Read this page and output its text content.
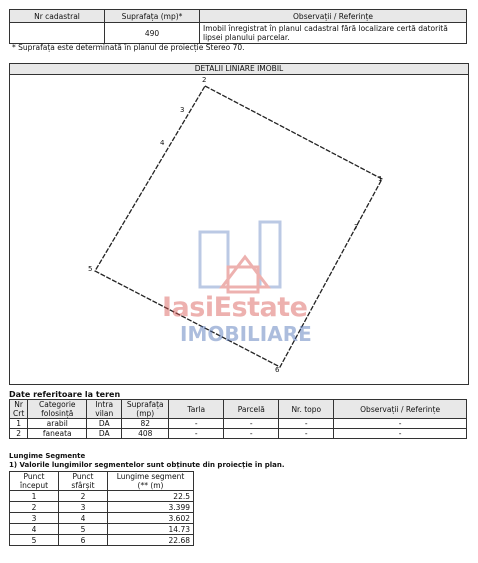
Nr cadastral	Suprafața (mp)*	Observații / Referințe
	490	Imobil înregistrat în planul cadastral fără localizare certă datorită lipsei planului parcelar.
* Suprafața este determinată în planul de proiecție Stereo 70.
DETALII LINIARE IMOBIL
1
2
3
4
5
6
7
IasiEstate
IMOBILIARE
Date referitoare la teren
Nr Crt	Categorie folosință	Intra vilan	Suprafața (mp)	Tarla	Parcelă	Nr. topo	Observații / Referințe
1	arabil	DA	82	-	-	-	-
2	faneata	DA	408	-	-	-	-
Lungime Segmente
1) Valorile lungimilor segmentelor sunt obținute din proiecție în plan.
Punct început	Punct sfârșit	Lungime segment (** (m)
1	2	22.5
2	3	3.399
3	4	3.602
4	5	14.73
5	6	22.68
